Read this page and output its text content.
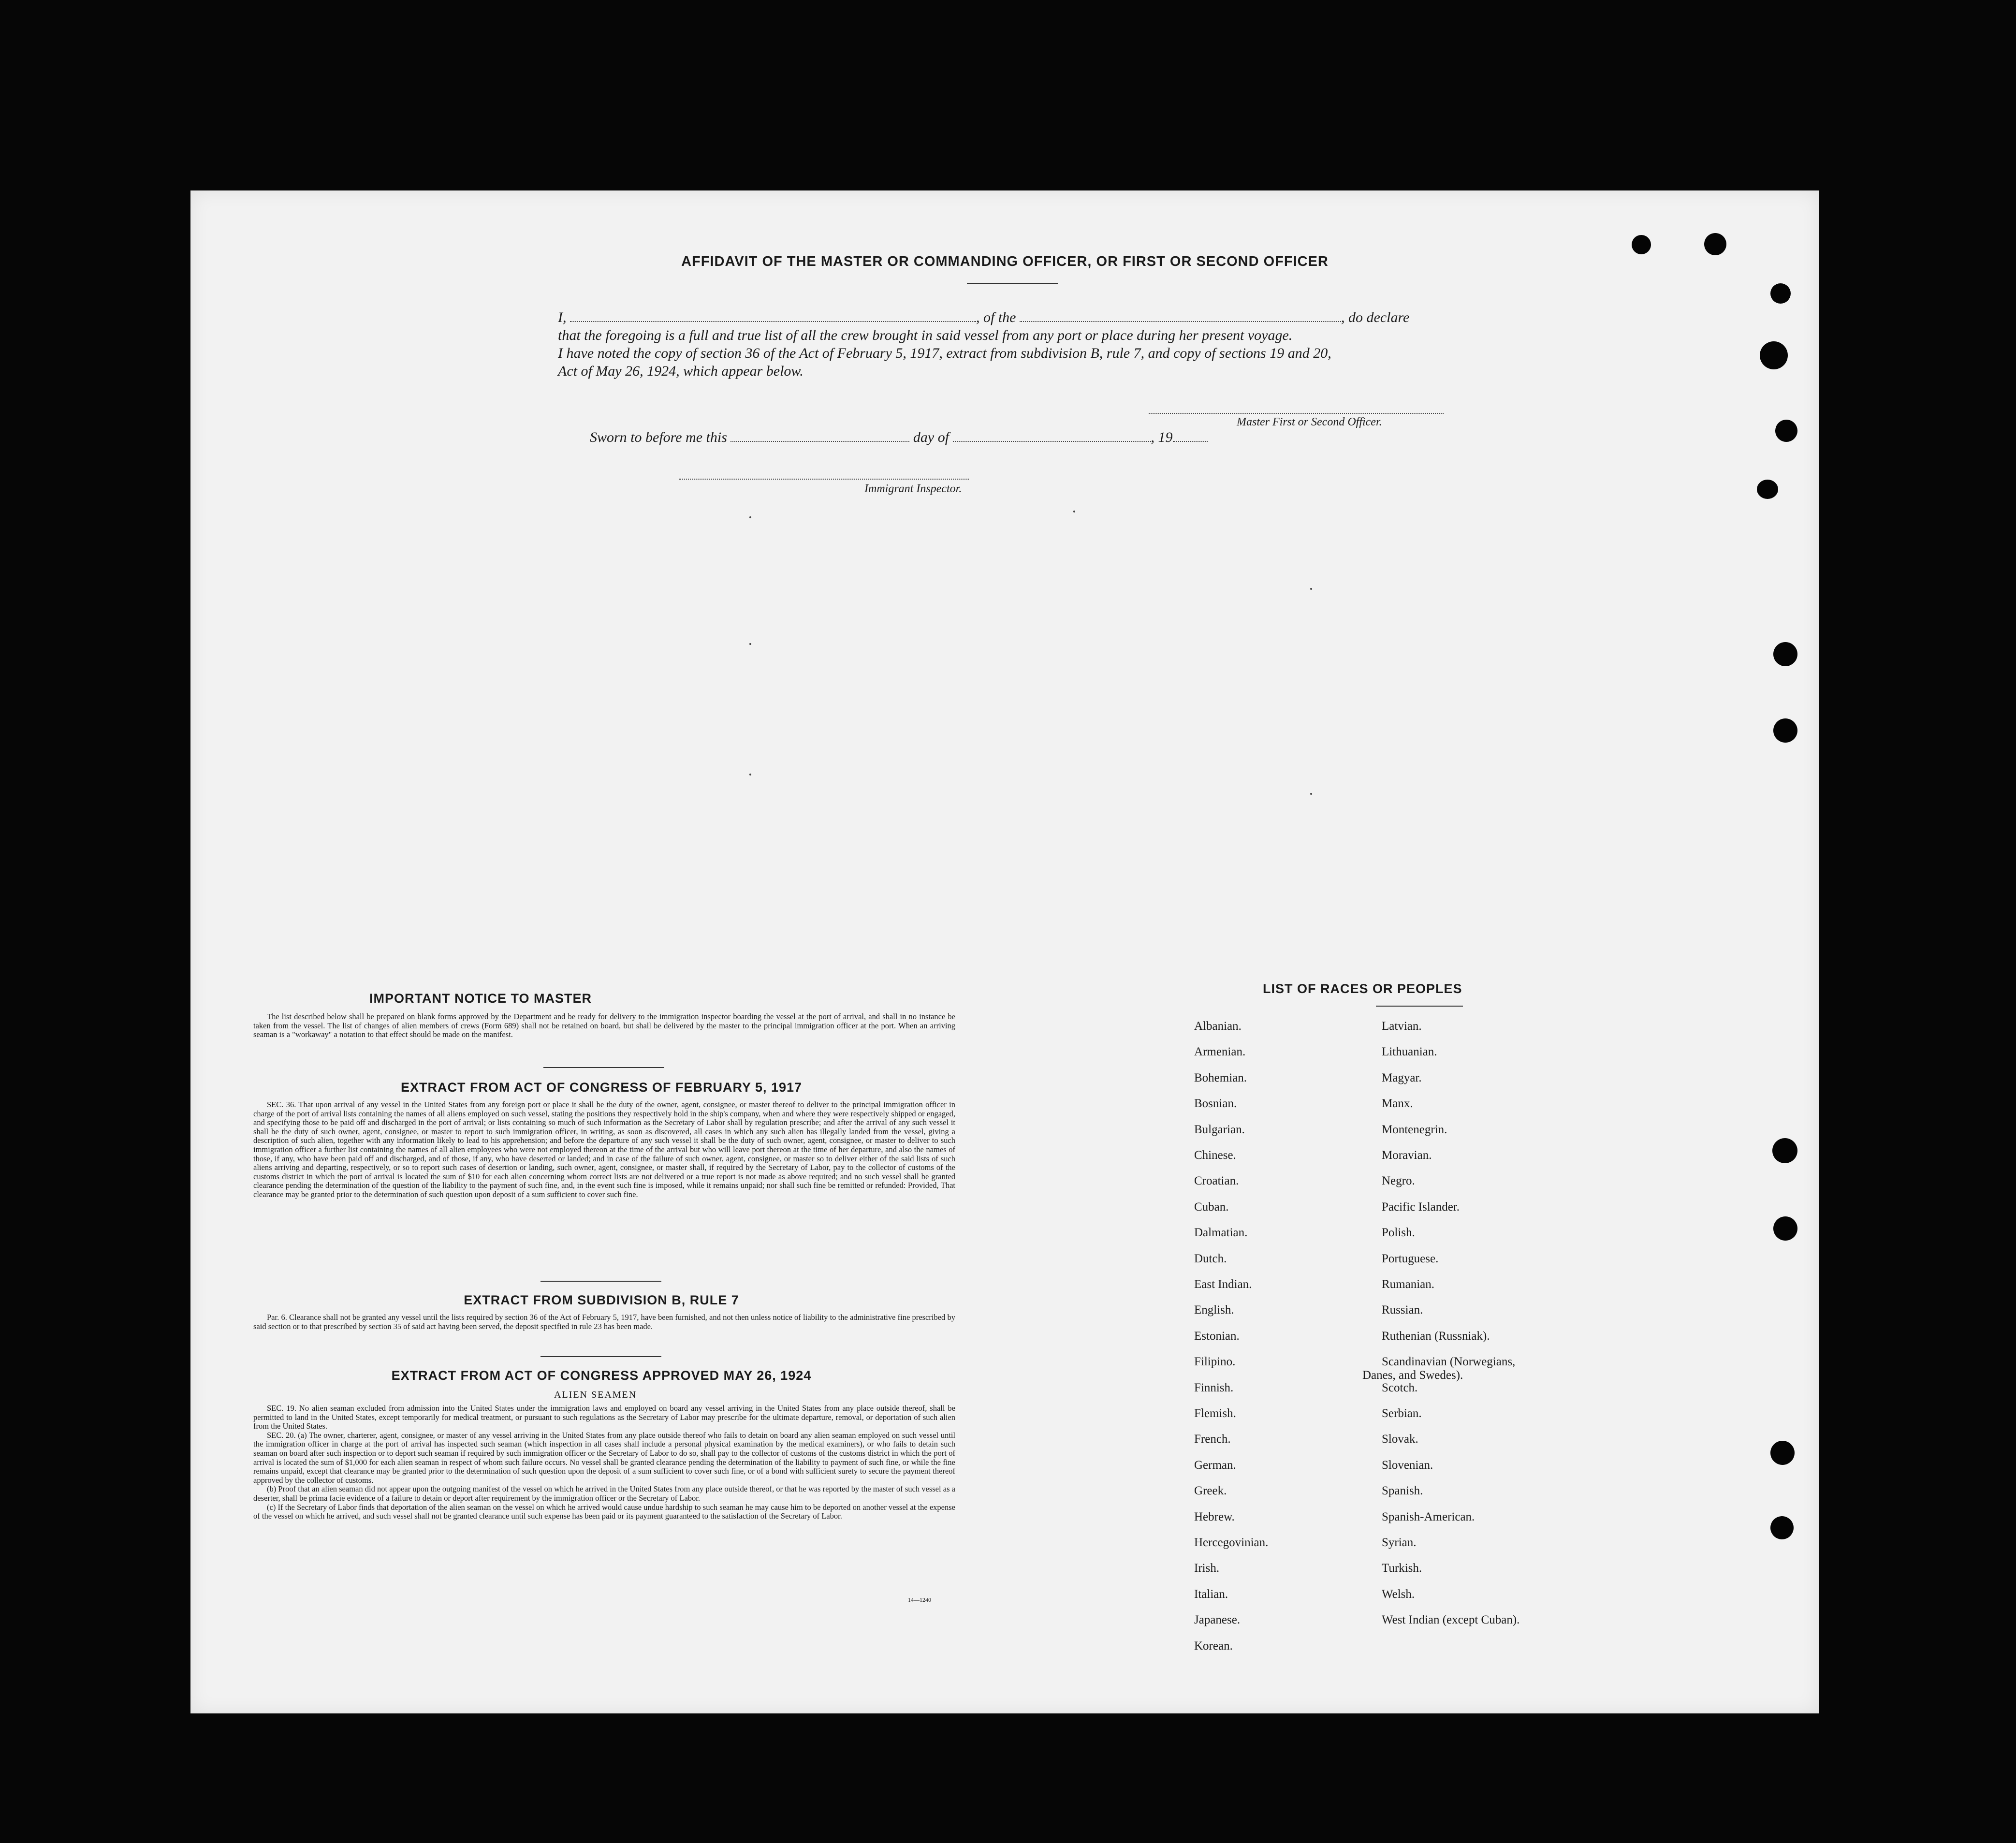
AFFIDAVIT OF THE MASTER OR COMMANDING OFFICER, OR FIRST OR SECOND OFFICER

I,	, of the	, do declare

that the foregoing is a full and true list of all the crew brought in said vessel from any port or place during her present voyage.

I have noted the copy of section 36 of the Act of February 5, 1917, extract from subdivision B, rule 7, and copy of sections 19 and 20,

Act of May 26, 1924, which appear below.

Master First or Second Officer.
Sworn to before me this	day of	, 19
Immigrant Inspector.
IMPORTANT NOTICE TO MASTER
The list described below shall be prepared on blank forms approved by the Department and be ready for delivery to the immigration inspector boarding the vessel at the port of arrival, and shall in no instance be taken from the vessel. The list of changes of alien members of crews (Form 689) shall not be retained on board, but shall be delivered by the master to the principal immigration officer at the port. When an arriving seaman is a "workaway" a notation to that effect should be made on the manifest.
EXTRACT FROM ACT OF CONGRESS OF FEBRUARY 5, 1917
SEC. 36. That upon arrival of any vessel in the United States from any foreign port or place it shall be the duty of the owner, agent, consignee, or master thereof to deliver to the principal immigration officer in charge of the port of arrival lists containing the names of all aliens employed on such vessel, stating the positions they respectively hold in the ship's company, when and where they were respectively shipped or engaged, and specifying those to be paid off and discharged in the port of arrival; or lists containing so much of such information as the Secretary of Labor shall by regulation prescribe; and after the arrival of any such vessel it shall be the duty of such owner, agent, consignee, or master to report to such immigration officer, in writing, as soon as discovered, all cases in which any such alien has illegally landed from the vessel, giving a description of such alien, together with any information likely to lead to his apprehension; and before the departure of any such vessel it shall be the duty of such owner, agent, consignee, or master to deliver to such immigration officer a further list containing the names of all alien employees who were not employed thereon at the time of the arrival but who will leave port thereon at the time of her departure, and also the names of those, if any, who have been paid off and discharged, and of those, if any, who have deserted or landed; and in case of the failure of such owner, agent, consignee, or master so to deliver either of the said lists of such aliens arriving and departing, respectively, or so to report such cases of desertion or landing, such owner, agent, consignee, or master shall, if required by the Secretary of Labor, pay to the collector of customs of the customs district in which the port of arrival is located the sum of $10 for each alien concerning whom correct lists are not delivered or a true report is not made as above required; and no such vessel shall be granted clearance pending the determination of the question of the liability to the payment of such fine, and, in the event such fine is imposed, while it remains unpaid; nor shall such fine be remitted or refunded: Provided, That clearance may be granted prior to the determination of such question upon deposit of a sum sufficient to cover such fine.
EXTRACT FROM SUBDIVISION B, RULE 7
Par. 6. Clearance shall not be granted any vessel until the lists required by section 36 of the Act of February 5, 1917, have been furnished, and not then unless notice of liability to the administrative fine prescribed by said section or to that prescribed by section 35 of said act having been served, the deposit specified in rule 23 has been made.
EXTRACT FROM ACT OF CONGRESS APPROVED MAY 26, 1924
ALIEN SEAMEN

SEC. 19. No alien seaman excluded from admission into the United States under the immigration laws and employed on board any vessel arriving in the United States from any place outside thereof, shall be permitted to land in the United States, except temporarily for medical treatment, or pursuant to such regulations as the Secretary of Labor may prescribe for the ultimate departure, removal, or deportation of such alien from the United States.

SEC. 20. (a) The owner, charterer, agent, consignee, or master of any vessel arriving in the United States from any place outside thereof who fails to detain on board any alien seaman employed on such vessel until the immigration officer in charge at the port of arrival has inspected such seaman (which inspection in all cases shall include a personal physical examination by the medical examiners), or who fails to detain such seaman on board after such inspection or to deport such seaman if required by such immigration officer or the Secretary of Labor to do so, shall pay to the collector of customs of the customs district in which the port of arrival is located the sum of $1,000 for each alien seaman in respect of whom such failure occurs. No vessel shall be granted clearance pending the determination of the liability to payment of such fine, or while the fine remains unpaid, except that clearance may be granted prior to the determination of such question upon the deposit of a sum sufficient to cover such fine, or of a bond with sufficient surety to secure the payment thereof approved by the collector of customs.

(b) Proof that an alien seaman did not appear upon the outgoing manifest of the vessel on which he arrived in the United States from any place outside thereof, or that he was reported by the master of such vessel as a deserter, shall be prima facie evidence of a failure to detain or deport after requirement by the immigration officer or the Secretary of Labor.

(c) If the Secretary of Labor finds that deportation of the alien seaman on the vessel on which he arrived would cause undue hardship to such seaman he may cause him to be deported on another vessel at the expense of the vessel on which he arrived, and such vessel shall not be granted clearance until such expense has been paid or its payment guaranteed to the satisfaction of the Secretary of Labor.

14—1240
LIST OF RACES OR PEOPLES
Albanian.
Armenian.
Bohemian.
Bosnian.
Bulgarian.
Chinese.
Croatian.
Cuban.
Dalmatian.
Dutch.
East Indian.
English.
Estonian.
Filipino.
Finnish.
Flemish.
French.
German.
Greek.
Hebrew.
Hercegovinian.
Irish.
Italian.
Japanese.
Korean.
Latvian.
Lithuanian.
Magyar.
Manx.
Montenegrin.
Moravian.
Negro.
Pacific Islander.
Polish.
Portuguese.
Rumanian.
Russian.
Ruthenian (Russniak).
Scandinavian (Norwegians,
Danes, and Swedes).
Scotch.
Serbian.
Slovak.
Slovenian.
Spanish.
Spanish-American.
Syrian.
Turkish.
Welsh.
West Indian (except Cuban).
